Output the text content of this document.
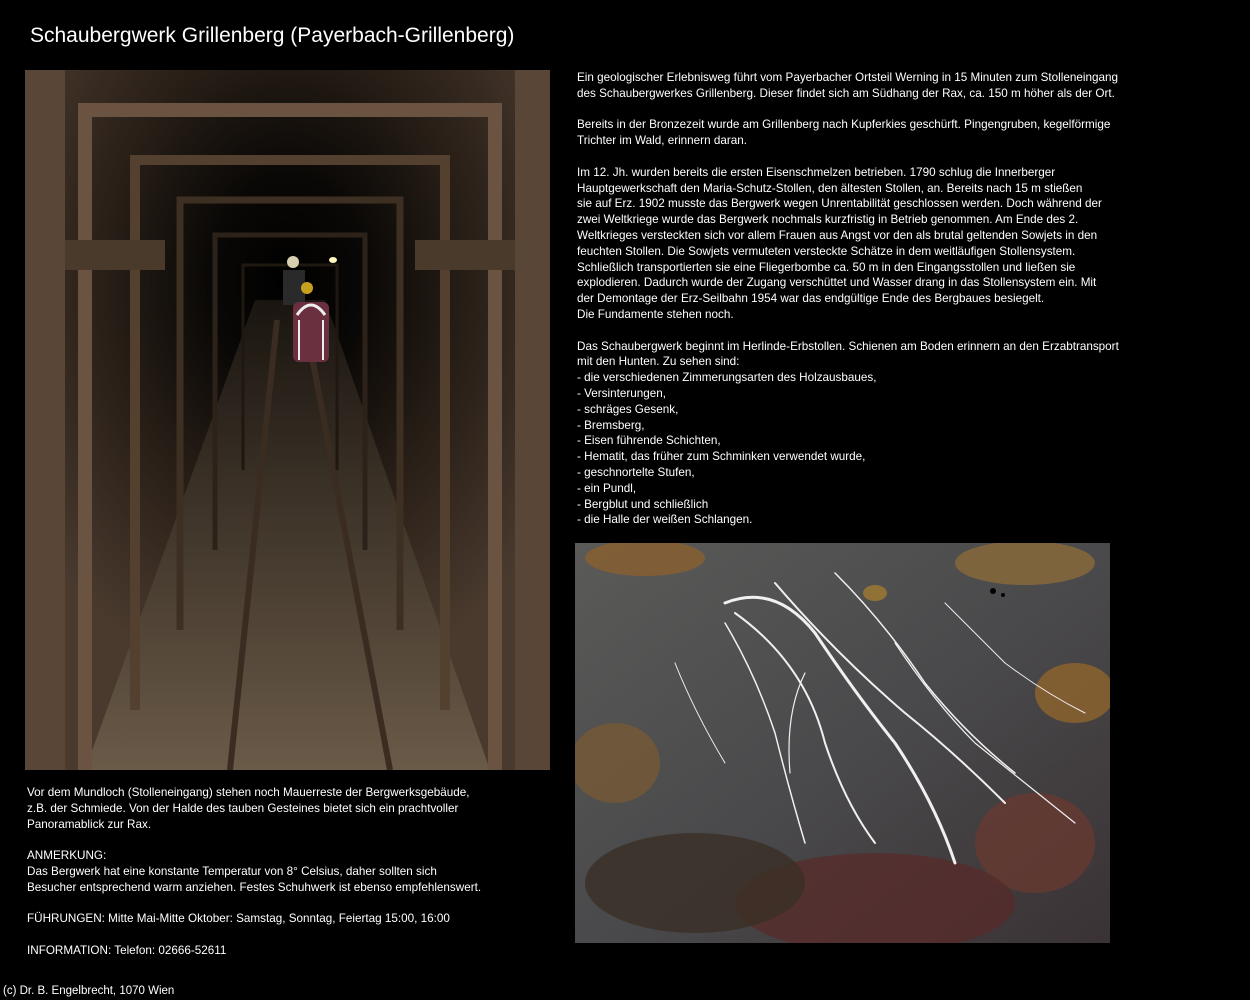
Schaubergwerk Grillenberg (Payerbach-Grillenberg)

Ein geologischer Erlebnisweg führt vom Payerbacher Ortsteil Werning in 15 Minuten zum Stolleneingang
des Schaubergwerkes Grillenberg. Dieser findet sich am Südhang der Rax, ca. 150 m höher als der Ort.

Bereits in der Bronzezeit wurde am Grillenberg nach Kupferkies geschürft. Pingengruben, kegelförmige
Trichter im Wald, erinnern daran.

Im 12. Jh. wurden bereits die ersten Eisenschmelzen betrieben. 1790 schlug die Innerberger
Hauptgewerkschaft den Maria-Schutz-Stollen, den ältesten Stollen, an. Bereits nach 15 m stießen
sie auf Erz. 1902 musste das Bergwerk wegen Unrentabilität geschlossen werden. Doch während der
zwei Weltkriege wurde das Bergwerk nochmals kurzfristig in Betrieb genommen. Am Ende des 2.
Weltkrieges versteckten sich vor allem Frauen aus Angst vor den als brutal geltenden Sowjets in den
feuchten Stollen. Die Sowjets vermuteten versteckte Schätze in dem weitläufigen Stollensystem.
Schließlich transportierten sie eine Fliegerbombe ca. 50 m in den Eingangsstollen und ließen sie
explodieren. Dadurch wurde der Zugang verschüttet und Wasser drang in das Stollensystem ein. Mit
der Demontage der Erz-Seilbahn 1954 war das endgültige Ende des Bergbaues besiegelt.
Die Fundamente stehen noch.

Das Schaubergwerk beginnt im Herlinde-Erbstollen. Schienen am Boden erinnern an den Erzabtransport
mit den Hunten. Zu sehen sind:

- die verschiedenen Zimmerungsarten des Holzausbaues,
- Versinterungen,
- schräges Gesenk,
- Bremsberg,
- Eisen führende Schichten,
- Hematit, das früher zum Schminken verwendet wurde,
- geschnortelte Stufen,
- ein Pundl,
- Bergblut und schließlich
- die Halle der weißen Schlangen.

Vor dem Mundloch (Stolleneingang) stehen noch Mauerreste der Bergwerksgebäude,
z.B. der Schmiede. Von der Halde des tauben Gesteines bietet sich ein prachtvoller
Panoramablick zur Rax.

ANMERKUNG:
Das Bergwerk hat eine konstante Temperatur von 8° Celsius, daher sollten sich
Besucher entsprechend warm anziehen. Festes Schuhwerk ist ebenso empfehlenswert.

FÜHRUNGEN: Mitte Mai-Mitte Oktober: Samstag, Sonntag, Feiertag 15:00, 16:00

INFORMATION: Telefon: 02666-52611

(c) Dr. B. Engelbrecht, 1070 Wien
